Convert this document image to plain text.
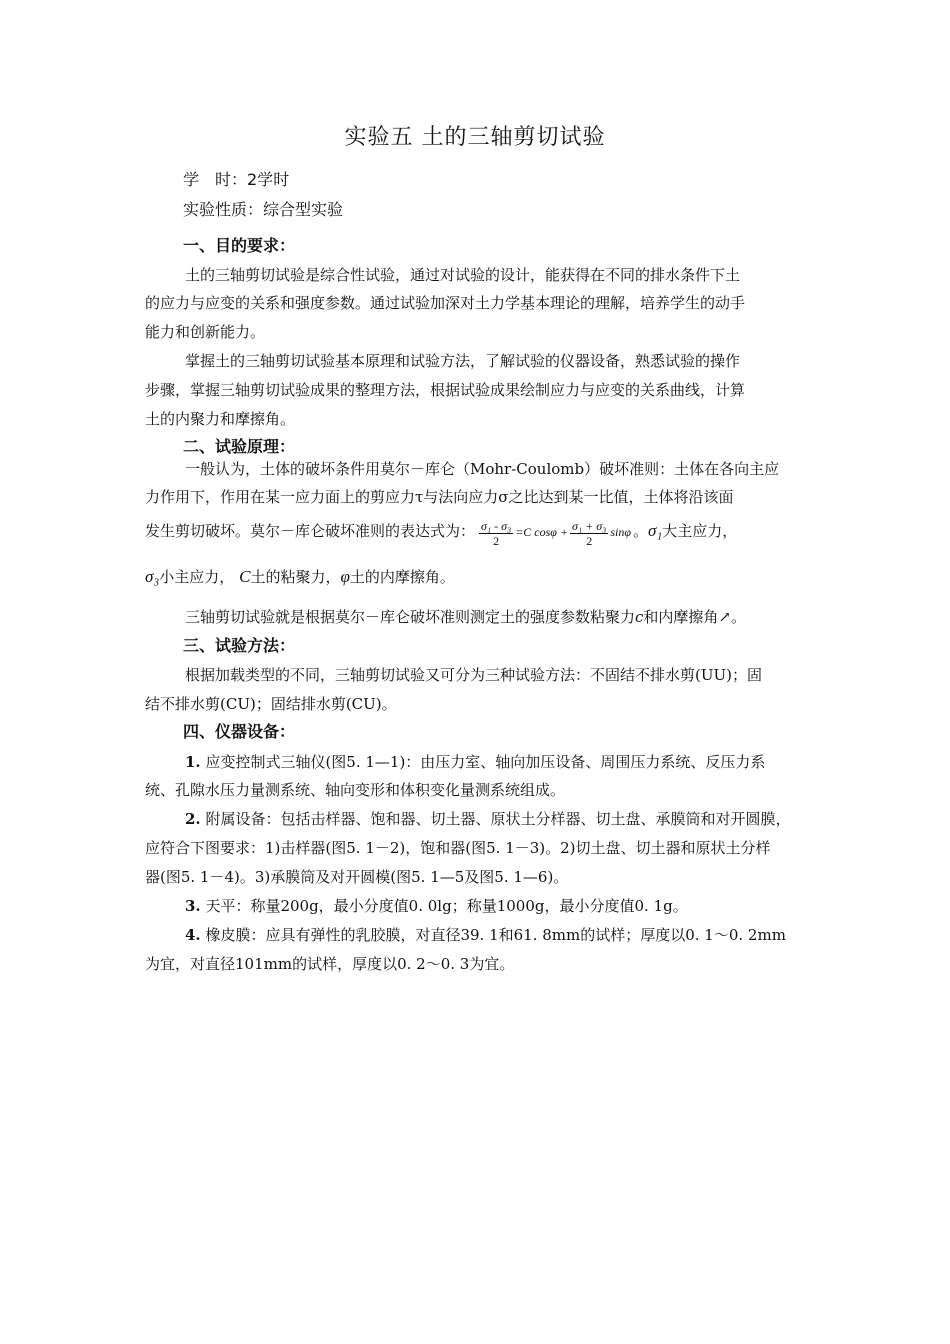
实验五 土的三轴剪切试验
学　时：2学时
实验性质：综合型实验
一、目的要求：
土的三轴剪切试验是综合性试验，通过对试验的设计，能获得在不同的排水条件下土
的应力与应变的关系和强度参数。通过试验加深对土力学基本理论的理解，培养学生的动手
能力和创新能力。
掌握土的三轴剪切试验基本原理和试验方法，了解试验的仪器设备，熟悉试验的操作
步骤，掌握三轴剪切试验成果的整理方法，根据试验成果绘制应力与应变的关系曲线，计算
土的内聚力和摩擦角。
二、试验原理：
一般认为，土体的破坏条件用莫尔－库仑（Mohr-Coulomb）破坏准则：土体在各向主应
力作用下，作用在某一应力面上的剪应力τ与法向应力σ之比达到某一比值，土体将沿该面
发生剪切破坏。莫尔－库仑破坏准则的表达式为： $\frac{\text{σ₁ - σ₃}}{2} =C$ $\cos\varphi + \frac{\text{σ₁ + σ₃}}{2}$ sinφ 。σ₁大主应力，
σ₃小主应力， C土的粘聚力，φ土的内摩擦角。
三轴剪切试验就是根据莫尔－库仑破坏准则测定土的强度参数粘聚力c和内摩擦角↗。
三、试验方法：
根据加载类型的不同，三轴剪切试验又可分为三种试验方法：不固结不排水剪(UU)；固
结不排水剪(CU)；固结排水剪(CU)。
四、仪器设备：
1. 应变控制式三轴仪(图5. 1—1)：由压力室、轴向加压设备、周围压力系统、反压力系
统、孔隙水压力量测系统、轴向变形和体积变化量测系统组成。
2. 附属设备：包括击样器、饱和器、切土器、原状土分样器、切土盘、承膜筒和对开圆膜，
应符合下图要求：1)击样器(图5. 1－2)，饱和器(图5. 1－3)。2)切土盘、切土器和原状土分样
器(图5. 1－4)。3)承膜筒及对开圆模(图5. 1—5及图5. 1—6)。
3. 天平：称量200g，最小分度值0. 0lg；称量1000g，最小分度值0. 1g。
4. 橡皮膜：应具有弹性的乳胶膜，对直径39. 1和61. 8mm的试样；厚度以0. 1～0. 2mm
为宜，对直径101mm的试样，厚度以0. 2～0. 3为宜。
